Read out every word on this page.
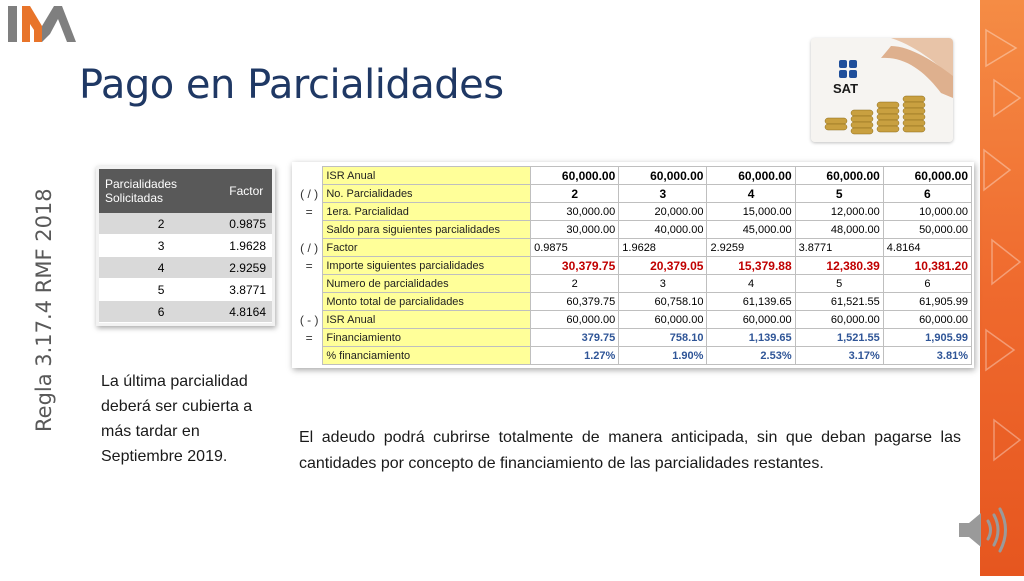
Pago en Parcialidades
Regla 3.17.4 RMF 2018
SAT
Parcialidades Solicitadas	Factor
2	0.9875
3	1.9628
4	2.9259
5	3.8771
6	4.8164
	ISR Anual	60,000.00	60,000.00	60,000.00	60,000.00	60,000.00
( / )	No. Parcialidades	2	3	4	5	6
=	1era. Parcialidad	30,000.00	20,000.00	15,000.00	12,000.00	10,000.00
	Saldo para siguientes parcialidades	30,000.00	40,000.00	45,000.00	48,000.00	50,000.00
( / )	Factor	0.9875	1.9628	2.9259	3.8771	4.8164
=	Importe siguientes parcialidades	30,379.75	20,379.05	15,379.88	12,380.39	10,381.20
	Numero de parcialidades	2	3	4	5	6
	Monto total de parcialidades	60,379.75	60,758.10	61,139.65	61,521.55	61,905.99
( - )	ISR Anual	60,000.00	60,000.00	60,000.00	60,000.00	60,000.00
=	Financiamiento	379.75	758.10	1,139.65	1,521.55	1,905.99
	% financiamiento	1.27%	1.90%	2.53%	3.17%	3.81%
La última parcialidad deberá ser cubierta a más tardar en Septiembre 2019.
El adeudo podrá cubrirse totalmente de manera anticipada, sin que deban pagarse las cantidades por concepto de financiamiento de las parcialidades restantes.
